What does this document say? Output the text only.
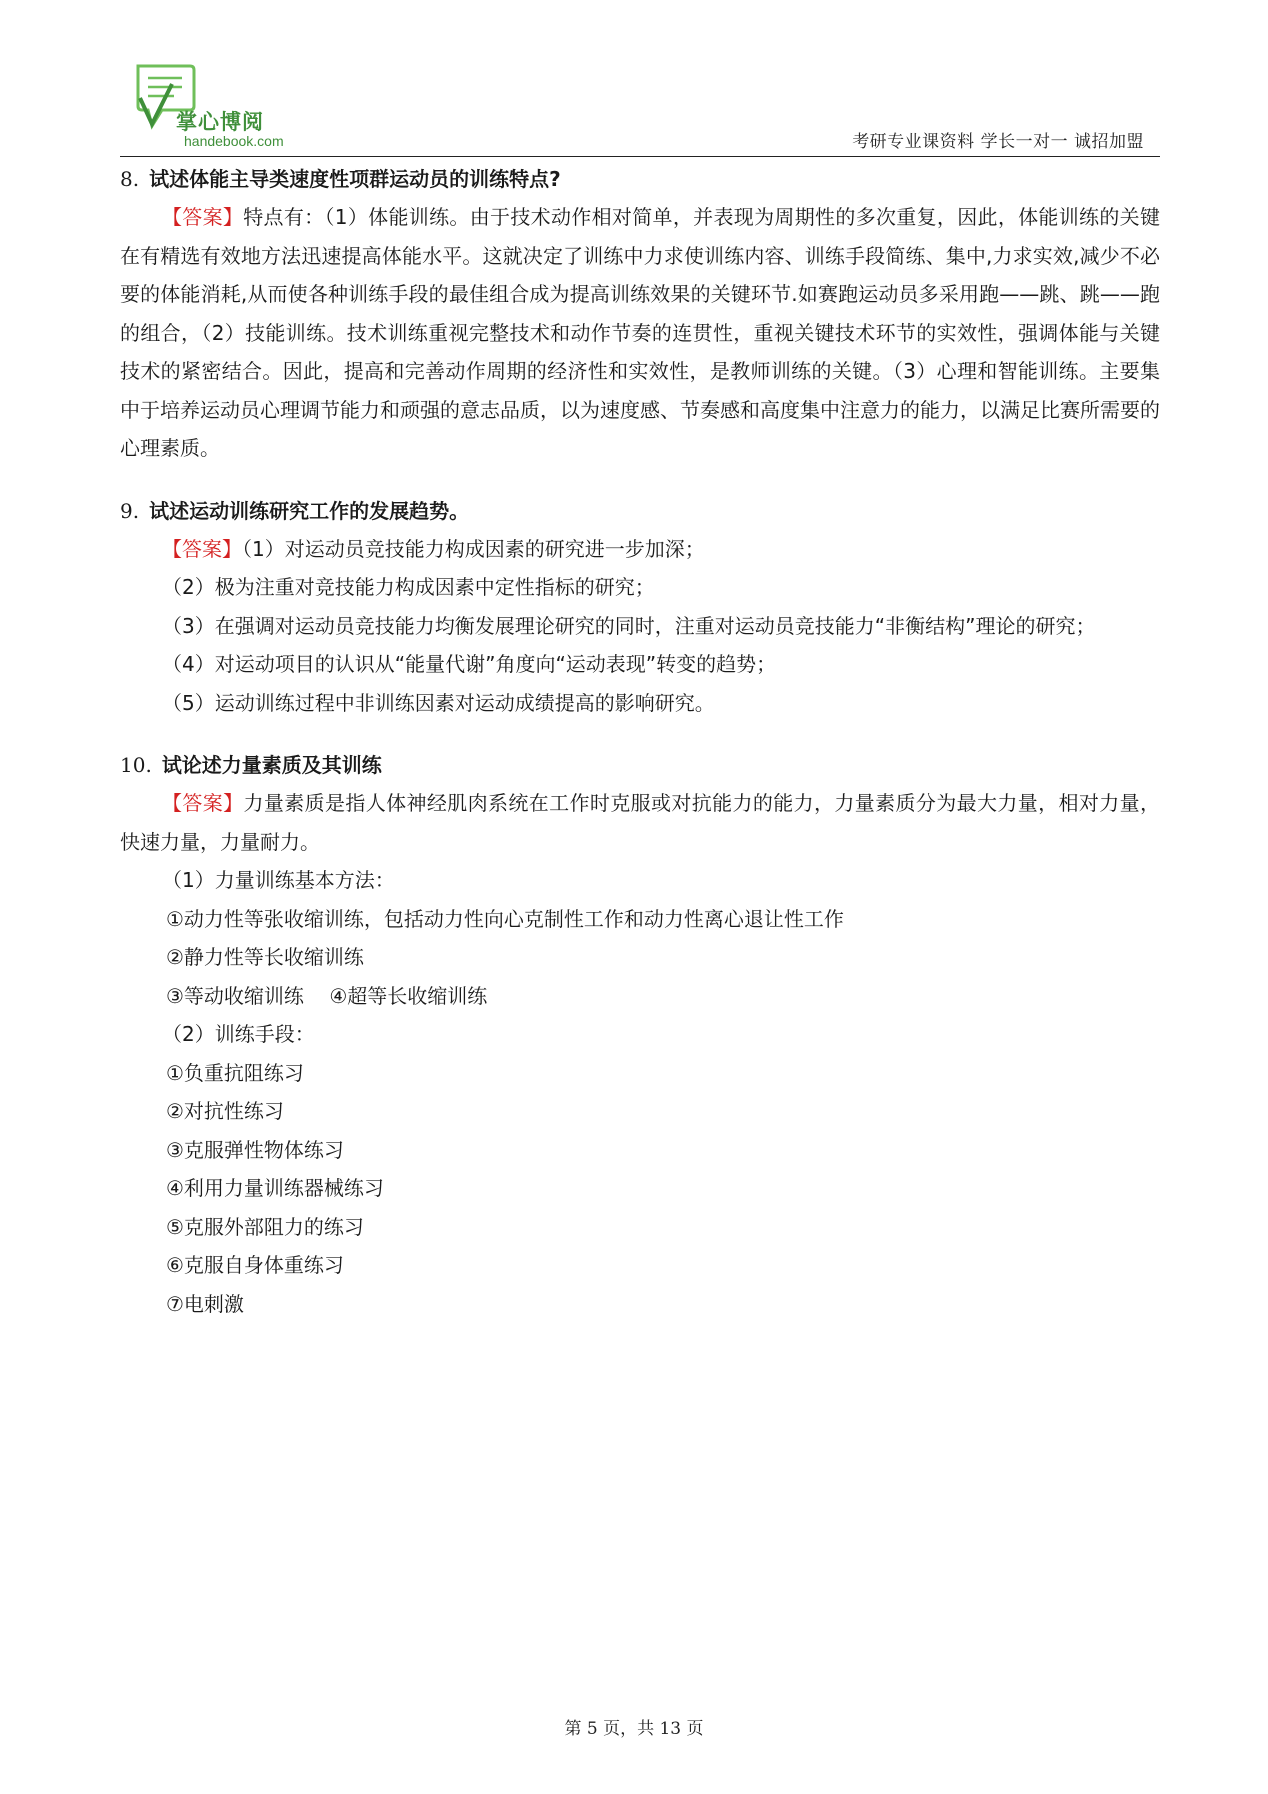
掌心博阅
handebook.com	考研专业课资料 学长一对一 诚招加盟

8. 试述体能主导类速度性项群运动员的训练特点?

【答案】特点有：（1）体能训练。由于技术动作相对简单，并表现为周期性的多次重复，因此，体能训练的关键在有精选有效地方法迅速提高体能水平。这就决定了训练中力求使训练内容、训练手段简练、集中,力求实效,减少不必要的体能消耗,从而使各种训练手段的最佳组合成为提高训练效果的关键环节.如赛跑运动员多采用跑——跳、跳——跑的组合，（2）技能训练。技术训练重视完整技术和动作节奏的连贯性，重视关键技术环节的实效性，强调体能与关键技术的紧密结合。因此，提高和完善动作周期的经济性和实效性，是教师训练的关键。（3）心理和智能训练。主要集中于培养运动员心理调节能力和顽强的意志品质，以为速度感、节奏感和高度集中注意力的能力，以满足比赛所需要的心理素质。

9. 试述运动训练研究工作的发展趋势。

【答案】（1）对运动员竞技能力构成因素的研究进一步加深；

（2）极为注重对竞技能力构成因素中定性指标的研究；

（3）在强调对运动员竞技能力均衡发展理论研究的同时，注重对运动员竞技能力“非衡结构”理论的研究；

（4）对运动项目的认识从“能量代谢”角度向“运动表现”转变的趋势；

（5）运动训练过程中非训练因素对运动成绩提高的影响研究。

10. 试论述力量素质及其训练

【答案】力量素质是指人体神经肌肉系统在工作时克服或对抗能力的能力，力量素质分为最大力量，相对力量，快速力量，力量耐力。

（1）力量训练基本方法：

①动力性等张收缩训练，包括动力性向心克制性工作和动力性离心退让性工作

②静力性等长收缩训练

③等动收缩训练    ④超等长收缩训练

（2）训练手段：

①负重抗阻练习

②对抗性练习

③克服弹性物体练习

④利用力量训练器械练习

⑤克服外部阻力的练习

⑥克服自身体重练习

⑦电刺激

第 5 页，共 13 页
